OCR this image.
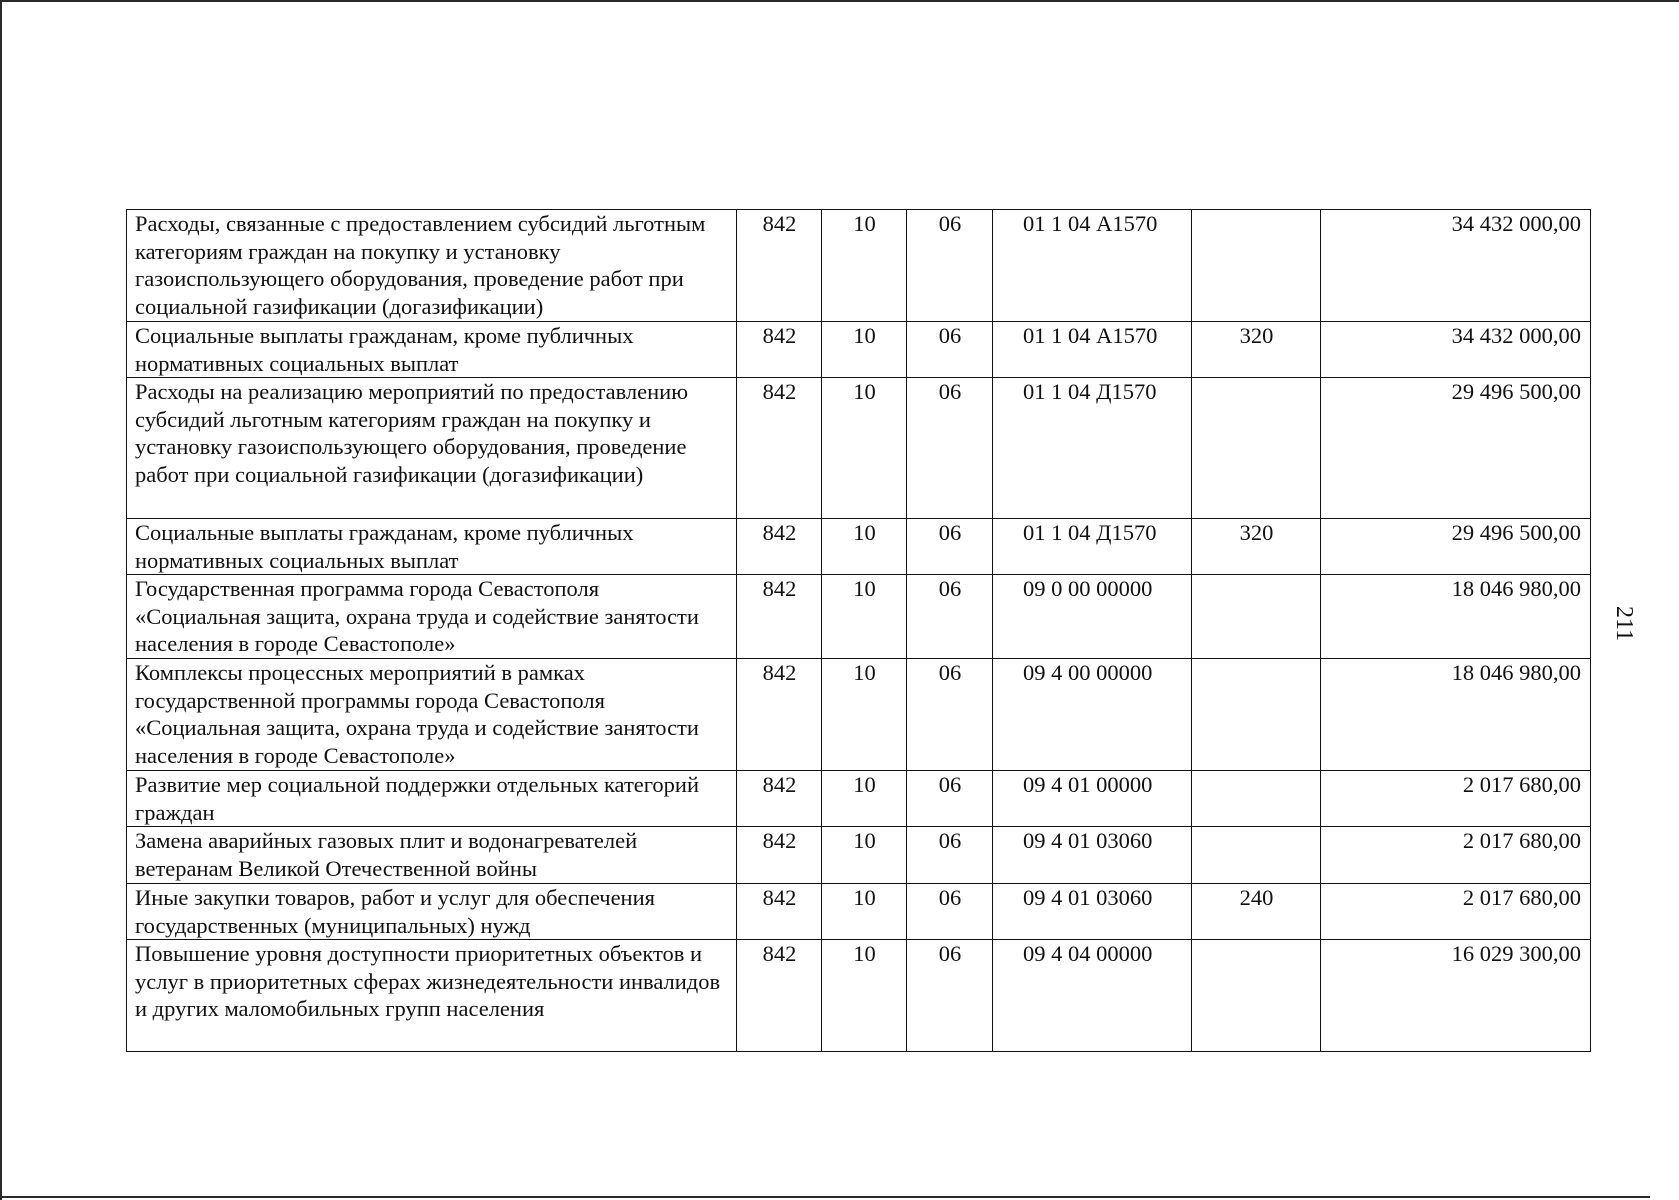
Расходы, связанные с предоставлением субсидий льготным категориям граждан на покупку и установку газоиспользующего оборудования, проведение работ при социальной газификации (догазификации)	842	10	06	01 1 04 А1570		34 432 000,00
Социальные выплаты гражданам, кроме публичных нормативных социальных выплат	842	10	06	01 1 04 А1570	320	34 432 000,00
Расходы на реализацию мероприятий по предоставлению субсидий льготным категориям граждан на покупку и установку газоиспользующего оборудования, проведение работ при социальной газификации (догазификации)	842	10	06	01 1 04 Д1570		29 496 500,00
Социальные выплаты гражданам, кроме публичных нормативных социальных выплат	842	10	06	01 1 04 Д1570	320	29 496 500,00
Государственная программа города Севастополя «Социальная защита, охрана труда и содействие занятости населения в городе Севастополе»	842	10	06	09 0 00 00000		18 046 980,00
Комплексы процессных мероприятий в рамках государственной программы города Севастополя «Социальная защита, охрана труда и содействие занятости населения в городе Севастополе»	842	10	06	09 4 00 00000		18 046 980,00
Развитие мер социальной поддержки отдельных категорий граждан	842	10	06	09 4 01 00000		2 017 680,00
Замена аварийных газовых плит и водонагревателей ветеранам Великой Отечественной войны	842	10	06	09 4 01 03060		2 017 680,00
Иные закупки товаров, работ и услуг для обеспечения государственных (муниципальных) нужд	842	10	06	09 4 01 03060	240	2 017 680,00
Повышение уровня доступности приоритетных объектов и услуг в приоритетных сферах жизнедеятельности инвалидов и других маломобильных групп населения	842	10	06	09 4 04 00000		16 029 300,00
211
